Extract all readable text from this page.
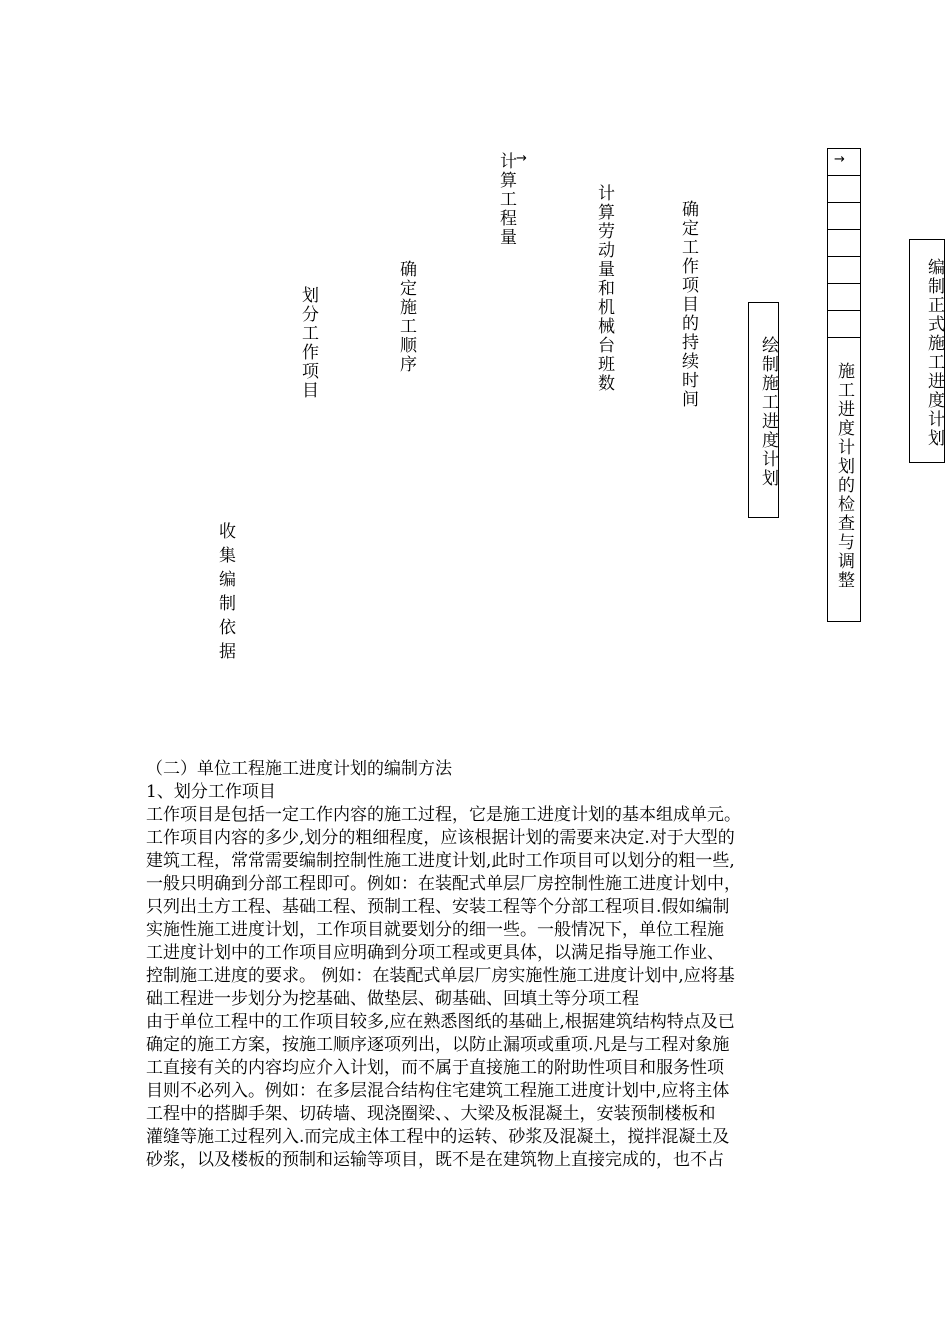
收集编制依据
划分工作项目	确定施工顺序
→
计算工程量	计算劳动量和机械台班数	确定工作项目的持续时间
绘制施工进度计划
→
施工进度计划的检查与调整
编制正式施工进度计划

（二）单位工程施工进度计划的编制方法

1、划分工作项目

工作项目是包括一定工作内容的施工过程，它是施工进度计划的基本组成单元。

工作项目内容的多少,划分的粗细程度，应该根据计划的需要来决定.对于大型的

建筑工程，常常需要编制控制性施工进度计划,此时工作项目可以划分的粗一些,

一般只明确到分部工程即可。例如：在装配式单层厂房控制性施工进度计划中，

只列出土方工程、基础工程、预制工程、安装工程等个分部工程项目.假如编制

实施性施工进度计划，工作项目就要划分的细一些。一般情况下，单位工程施

工进度计划中的工作项目应明确到分项工程或更具体，以满足指导施工作业、

控制施工进度的要求。 例如：在装配式单层厂房实施性施工进度计划中,应将基

础工程进一步划分为挖基础、做垫层、砌基础、回填土等分项工程

由于单位工程中的工作项目较多,应在熟悉图纸的基础上,根据建筑结构特点及已

确定的施工方案，按施工顺序逐项列出，以防止漏项或重项.凡是与工程对象施

工直接有关的内容均应介入计划，而不属于直接施工的附助性项目和服务性项

目则不必列入。例如：在多层混合结构住宅建筑工程施工进度计划中,应将主体

工程中的搭脚手架、切砖墙、现浇圈梁、、大梁及板混凝土，安装预制楼板和

灌缝等施工过程列入.而完成主体工程中的运转、砂浆及混凝土，搅拌混凝土及

砂浆，以及楼板的预制和运输等项目，既不是在建筑物上直接完成的，也不占
